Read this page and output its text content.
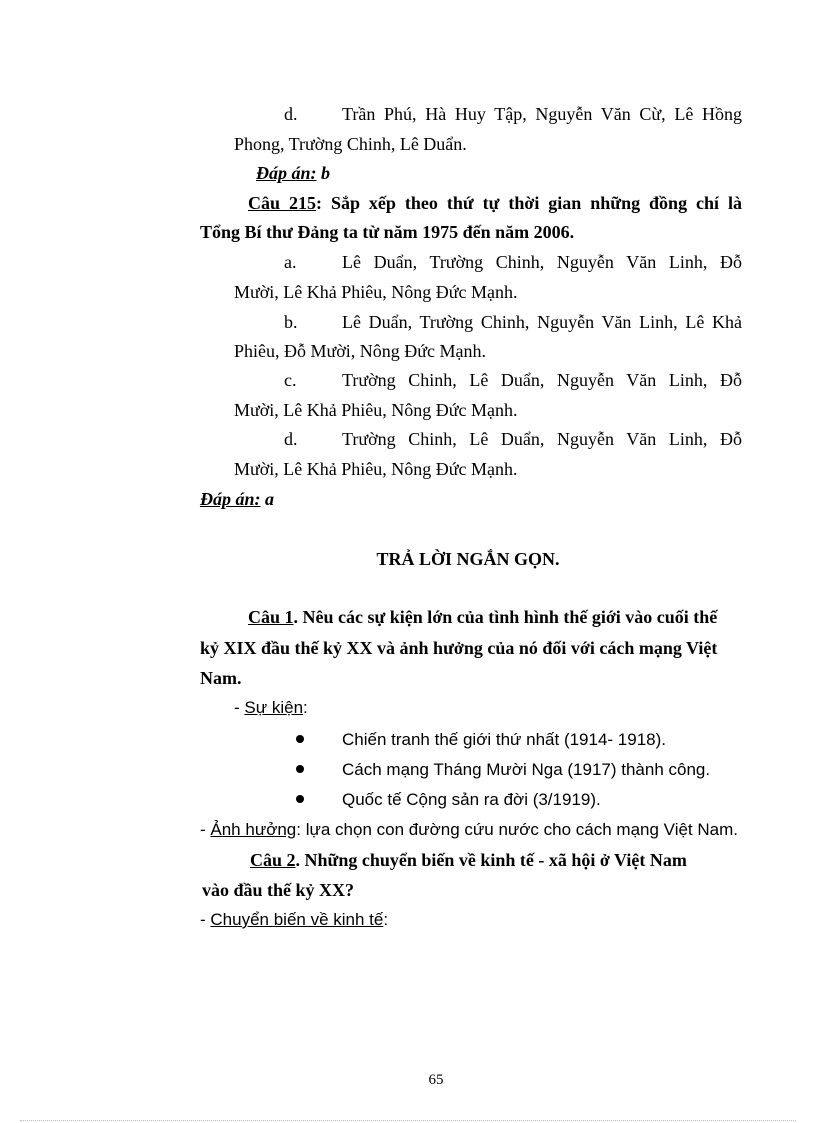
d. Trần Phú, Hà Huy Tập, Nguyễn Văn Cừ, Lê Hồng
Phong, Trường Chinh, Lê Duẩn.
Đáp án: b
Câu 215: Sắp xếp theo thứ tự thời gian những đồng chí là
Tổng Bí thư Đảng ta từ năm 1975 đến năm 2006.
a.	Lê Duẩn, Trường Chinh, Nguyễn Văn Linh, Đỗ
Mười, Lê Khả Phiêu, Nông Đức Mạnh.
b. Lê Duẩn, Trường Chinh, Nguyễn Văn Linh, Lê Khả
Phiêu, Đỗ Mười, Nông Đức Mạnh.
c.	Trường Chinh, Lê Duẩn, Nguyễn Văn Linh, Đỗ
Mười, Lê Khả Phiêu, Nông Đức Mạnh.
d. Trường Chinh, Lê Duẩn, Nguyễn Văn Linh, Đỗ
Mười, Lê Khả Phiêu, Nông Đức Mạnh.
Đáp án: a
TRẢ LỜI NGẮN GỌN.
Câu 1. Nêu các sự kiện lớn của tình hình thế giới vào cuối thế
kỷ XIX đầu thế kỷ XX và ảnh hưởng của nó đối với cách mạng Việt
Nam.
- Sự kiện:
Chiến tranh thế giới thứ nhất (1914- 1918).
Cách mạng Tháng Mười Nga (1917) thành công.
Quốc tế Cộng sản ra đời (3/1919).
- Ảnh hưởng: lựa chọn con đường cứu nước cho cách mạng Việt Nam.
Câu 2. Những chuyển biến về kinh tế - xã hội ở Việt Nam
vào đầu thế kỷ XX?
- Chuyển biến về kinh tế:
65
